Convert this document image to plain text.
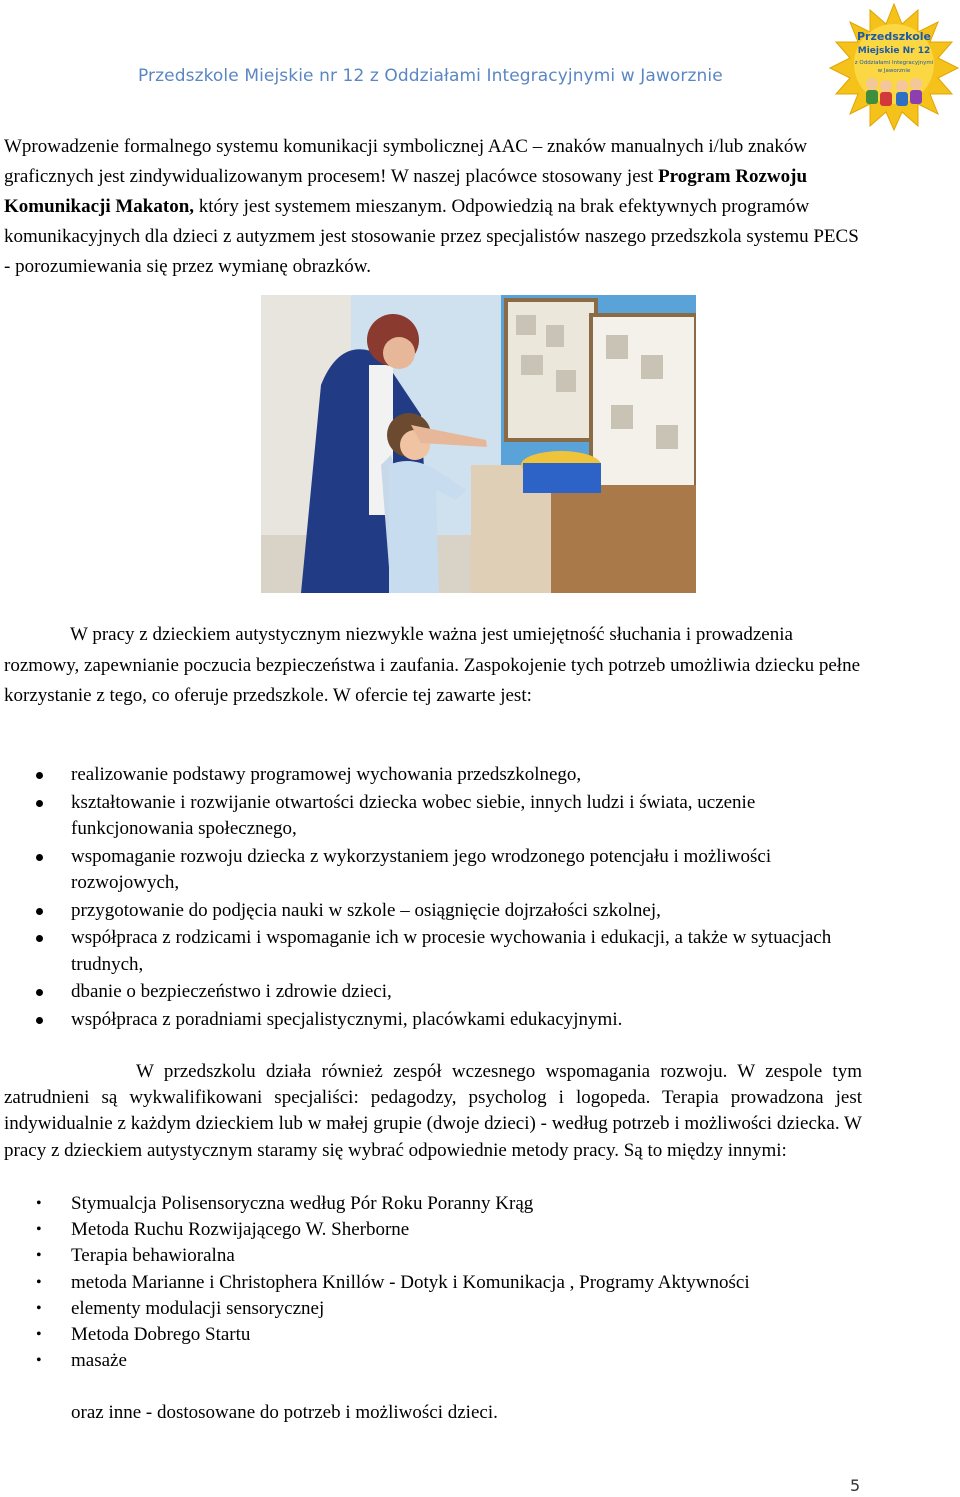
Przedszkole Miejskie nr 12 z Oddziałami Integracyjnymi w Jaworznie
Przedszkole
Miejskie Nr 12
z Oddziałami Integracyjnymi
w Jaworznie

Wprowadzenie formalnego systemu komunikacji symbolicznej AAC – znaków manualnych i/lub znaków graficznych jest zindywidualizowanym procesem! W naszej placówce stosowany jest Program Rozwoju Komunikacji Makaton, który jest systemem mieszanym. Odpowiedzią na brak efektywnych programów komunikacyjnych dla dzieci z autyzmem jest stosowanie przez specjalistów naszego przedszkola systemu PECS - porozumiewania się przez wymianę obrazków.

W pracy z dzieckiem autystycznym niezwykle ważna jest umiejętność słuchania i prowadzenia rozmowy, zapewnianie poczucia bezpieczeństwa i zaufania. Zaspokojenie tych potrzeb umożliwia dziecku pełne korzystanie z tego, co oferuje przedszkole. W ofercie tej zawarte jest:

realizowanie podstawy programowej wychowania przedszkolnego,
kształtowanie i rozwijanie otwartości dziecka wobec siebie, innych ludzi i świata, uczenie funkcjonowania społecznego,
wspomaganie rozwoju dziecka z wykorzystaniem jego wrodzonego potencjału i możliwości rozwojowych,
przygotowanie do podjęcia nauki w szkole – osiągnięcie dojrzałości szkolnej,
współpraca z rodzicami i wspomaganie ich w procesie wychowania i edukacji, a także w sytuacjach trudnych,
dbanie o bezpieczeństwo i zdrowie dzieci,
współpraca z poradniami specjalistycznymi, placówkami edukacyjnymi.

W przedszkolu działa również zespół wczesnego wspomagania rozwoju. W zespole tym zatrudnieni są wykwalifikowani specjaliści: pedagodzy, psycholog i logopeda. Terapia prowadzona jest indywidualnie z każdym dzieckiem lub w małej grupie (dwoje dzieci) - według potrzeb i możliwości dziecka. W pracy z dzieckiem autystycznym staramy się wybrać odpowiednie metody pracy. Są to między innymi:

• Stymualcja Polisensoryczna według Pór Roku Poranny Krąg
• Metoda Ruchu Rozwijającego W. Sherborne
• Terapia behawioralna
• metoda Marianne i Christophera Knillów - Dotyk i Komunikacja , Programy Aktywności
• elementy modulacji sensorycznej
• Metoda Dobrego Startu
• masaże
oraz inne - dostosowane do potrzeb i możliwości dzieci.
5
